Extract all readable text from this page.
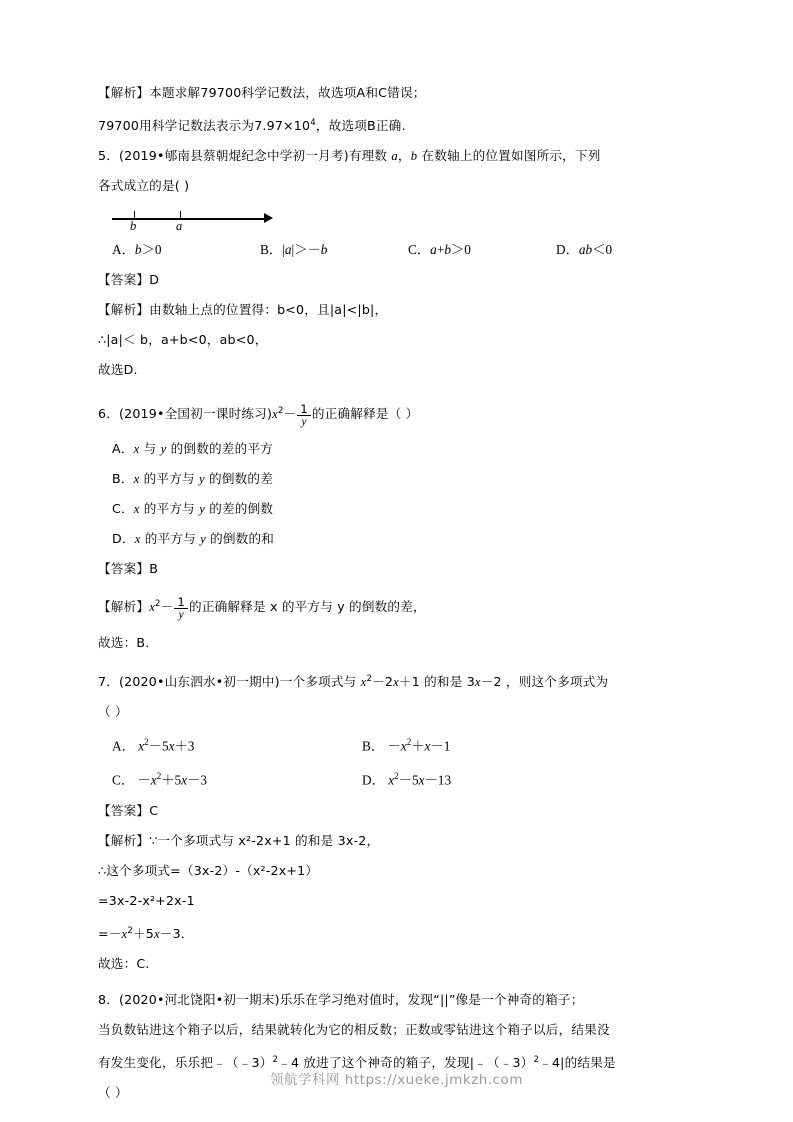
【解析】本题求解79700科学记数法，故选项A和C错误；
79700用科学记数法表示为$7.97\times 10^4$，故选项B正确.
5．(2019•郇南县蔡朝焜纪念中学初一月考)有理数 a，b 在数轴上的位置如图所示，下列
各式成立的是( )
b	a
A．b＞0	B．|a|＞－b	C．a+b＞0	D．ab＜0
【答案】D
【解析】由数轴上点的位置得：b<0，且|a|<|b|，
∴|a|＜ b，a+b<0，ab<0，
故选D.
6．(2019•全国初一课时练习)$x^2- \frac{1}{y}$ 的正确解释是（ ）
A．x 与 y 的倒数的差的平方
B．x 的平方与 y 的倒数的差
C．x 的平方与 y 的差的倒数
D．x 的平方与 y 的倒数的和
【答案】B
【解析】$x^2- \frac{1}{y}$ 的正确解释是 x 的平方与 y 的倒数的差，
故选：B.
7．(2020•山东泗水•初一期中)一个多项式与 $x^2-2x+1$ 的和是 3x－2 ，则这个多项式为
（ ）
A． $x^2-5x+3$	B． $-x^2+x-1$
C． $-x^2+5x-3$	D． $x^2-5x-13$
【答案】C
【解析】∵一个多项式与 x²-2x+1 的和是 3x-2，
∴这个多项式=（3x-2）-（x²-2x+1）
=3x-2-x²+2x-1
$=-x^2+5x-3$．
故选：C.
8．(2020•河北饶阳•初一期末)乐乐在学习绝对值时，发现“||”像是一个神奇的箱子；
当负数钻进这个箱子以后，结果就转化为它的相反数；正数或零钻进这个箱子以后，结果没
有发生变化，乐乐把﹣（﹣3）$^2$﹣4 放进了这个神奇的箱子，发现|﹣（﹣3）$^2$﹣4|的结果是
（ ）
领航学科网 https://xueke.jmkzh.com
